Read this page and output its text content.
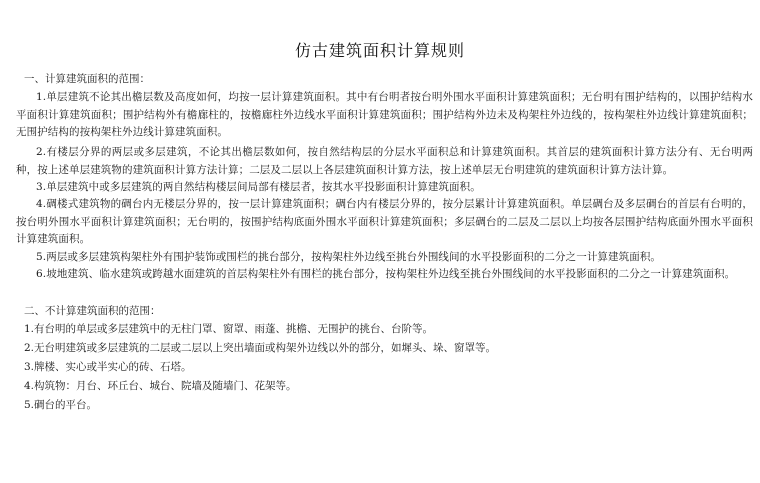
仿古建筑面积计算规则
一、计算建筑面积的范围：
1.单层建筑不论其出檐层数及高度如何，均按一层计算建筑面积。其中有台明者按台明外围水平面积计算建筑面积；无台明有围护结构的，以围护结构水平面积计算建筑面积；围护结构外有檐廊柱的，按檐廊柱外边线水平面积计算建筑面积；围护结构外边未及构架柱外边线的，按构架柱外边线计算建筑面积；无围护结构的按构架柱外边线计算建筑面积。
2.有楼层分界的两层或多层建筑，不论其出檐层数如何，按自然结构层的分层水平面积总和计算建筑面积。其首层的建筑面积计算方法分有、无台明两种，按上述单层建筑物的建筑面积计算方法计算；二层及二层以上各层建筑面积计算方法，按上述单层无台明建筑的建筑面积计算方法计算。
3.单层建筑中或多层建筑的两自然结构楼层间局部有楼层者，按其水平投影面积计算建筑面积。
4.碉楼式建筑物的碉台内无楼层分界的，按一层计算建筑面积；碉台内有楼层分界的，按分层累计计算建筑面积。单层碉台及多层碉台的首层有台明的，按台明外围水平面积计算建筑面积；无台明的，按围护结构底面外围水平面积计算建筑面积；多层碉台的二层及二层以上均按各层围护结构底面外围水平面积计算建筑面积。
5.两层或多层建筑构架柱外有围护装饰或围栏的挑台部分，按构架柱外边线至挑台外围线间的水平投影面积的二分之一计算建筑面积。
6.坡地建筑、临水建筑或跨越水面建筑的首层构架柱外有围栏的挑台部分，按构架柱外边线至挑台外围线间的水平投影面积的二分之一计算建筑面积。
二、不计算建筑面积的范围：
1.有台明的单层或多层建筑中的无柱门罩、窗罩、雨蓬、挑檐、无围护的挑台、台阶等。
2.无台明建筑或多层建筑的二层或二层以上突出墙面或构架外边线以外的部分，如墀头、垛、窗罩等。
3.牌楼、实心或半实心的砖、石塔。
4.构筑物：月台、环丘台、城台、院墙及随墙门、花架等。
5.碉台的平台。
